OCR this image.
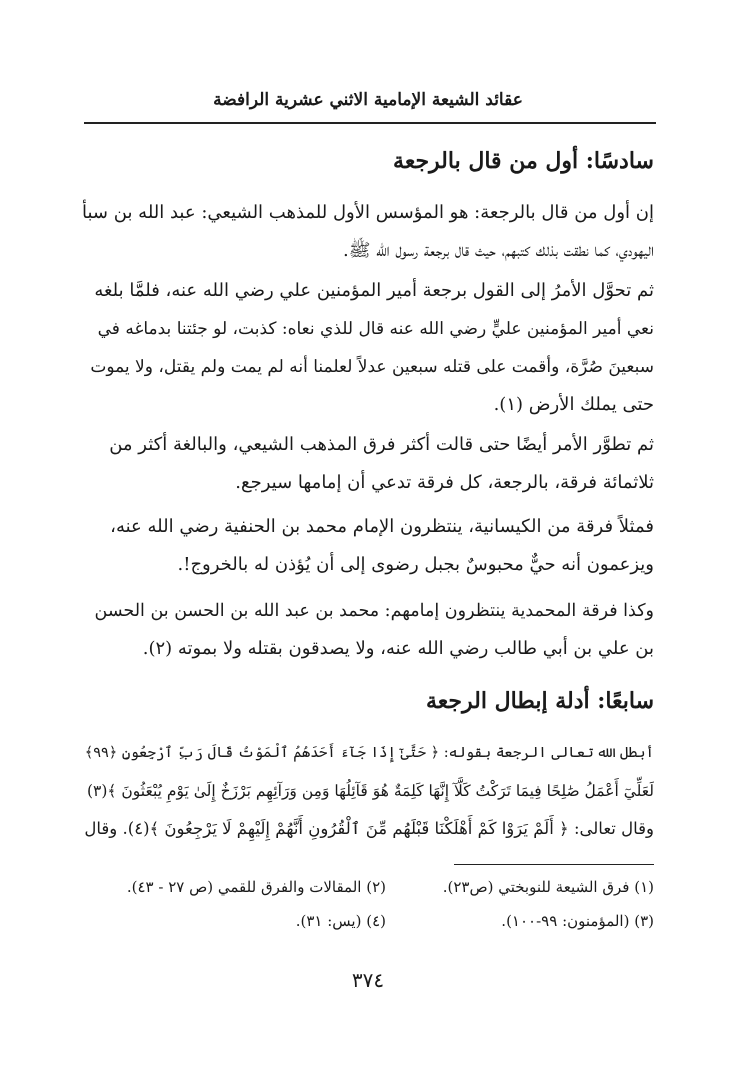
عقائد الشيعة الإمامية الاثني عشرية الرافضة
سادسًا: أول من قال بالرجعة
إن أول من قال بالرجعة: هو المؤسس الأول للمذهب الشيعي: عبد الله بن سبأ
اليهودي، كما نطقت بذلك كتبهم، حيث قال برجعة رسول الله ﷺ.
ثم تحوَّل الأمرُ إلى القول برجعة أمير المؤمنين علي رضي الله عنه، فلمَّا بلغه
نعي أمير المؤمنين عليٍّ رضي الله عنه قال للذي نعاه: كذبت، لو جئتنا بدماغه في
سبعينَ صُرَّة، وأقمت على قتله سبعين عدلاً لعلمنا أنه لم يمت ولم يقتل، ولا يموت
حتى يملك الأرض (١).
ثم تطوَّر الأمر أيضًا حتى قالت أكثر فرق المذهب الشيعي، والبالغة أكثر من
ثلاثمائة فرقة، بالرجعة، كل فرقة تدعي أن إمامها سيرجع.
فمثلاً فرقة من الكيسانية، ينتظرون الإمام محمد بن الحنفية رضي الله عنه،
ويزعمون أنه حيٌّ محبوسٌ بجبل رضوى إلى أن يُؤذن له بالخروج!.
وكذا فرقة المحمدية ينتظرون إمامهم: محمد بن عبد الله بن الحسن بن الحسن
بن علي بن أبي طالب رضي الله عنه، ولا يصدقون بقتله ولا بموته (٢).
سابعًا: أدلة إبطال الرجعة
أبطل الله تعالى الرجعة بقوله: ﴿ حَتَّىٰٓ إِذَا جَآءَ أَحَدَهُمُ ٱلْمَوْتُ قَالَ رَبِّ ٱرْجِعُونِ ﴿٩٩﴾
لَعَلِّيٓ أَعْمَلُ صَٰلِحًا فِيمَا تَرَكْتُ كَلَّآ إِنَّهَا كَلِمَةٌ هُوَ قَآئِلُهَا وَمِن وَرَآئِهِم بَرْزَخٌ إِلَىٰ يَوْمِ يُبْعَثُونَ ﴾(٣)
وقال تعالى: ﴿ أَلَمْ يَرَوْا كَمْ أَهْلَكْنَا قَبْلَهُم مِّنَ ٱلْقُرُونِ أَنَّهُمْ إِلَيْهِمْ لَا يَرْجِعُونَ ﴾(٤). وقال
(١) فرق الشيعة للنوبختي (ص٢٣).
(٢) المقالات والفرق للقمي (ص ٢٧ - ٤٣).
(٣) (المؤمنون: ٩٩-١٠٠).
(٤) (يس: ٣١).
٣٧٤
